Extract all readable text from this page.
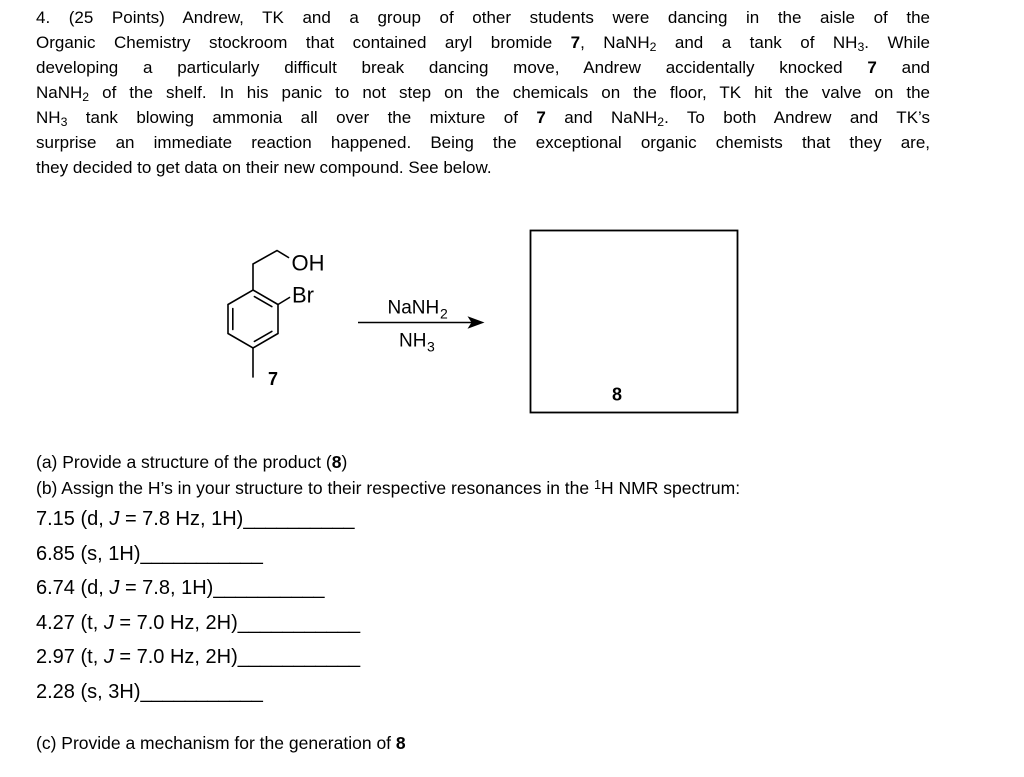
4. (25 Points) Andrew, TK and a group of other students were dancing in the aisle of the
Organic Chemistry stockroom that contained aryl bromide 7, NaNH$_2$ and a tank of $NH_3$. While
developing a particularly difficult break dancing move, Andrew accidentally knocked 7 and
NaNH$_2$ of the shelf. In his panic to not step on the chemicals on the floor, TK hit the valve on the
$NH_3$ tank blowing ammonia all over the mixture of 7 and NaNH$_2$. To both Andrew and TK’s
surprise an immediate reaction happened. Being the exceptional organic chemists that they are,
they decided to get data on their new compound. See below.
OH
Br
7
NaNH 2
NH 3
8
(a) Provide a structure of the product (8)
(b) Assign the H’s in your structure to their respective resonances in the $^1$H NMR spectrum:
7.15 (d, J = 7.8 Hz, 1H)__________
6.85 (s, 1H)___________
6.74 (d, J = 7.8, 1H)__________
4.27 (t, J = 7.0 Hz, 2H)___________
2.97 (t, J = 7.0 Hz, 2H)___________
2.28 (s, 3H)___________
(c) Provide a mechanism for the generation of 8
